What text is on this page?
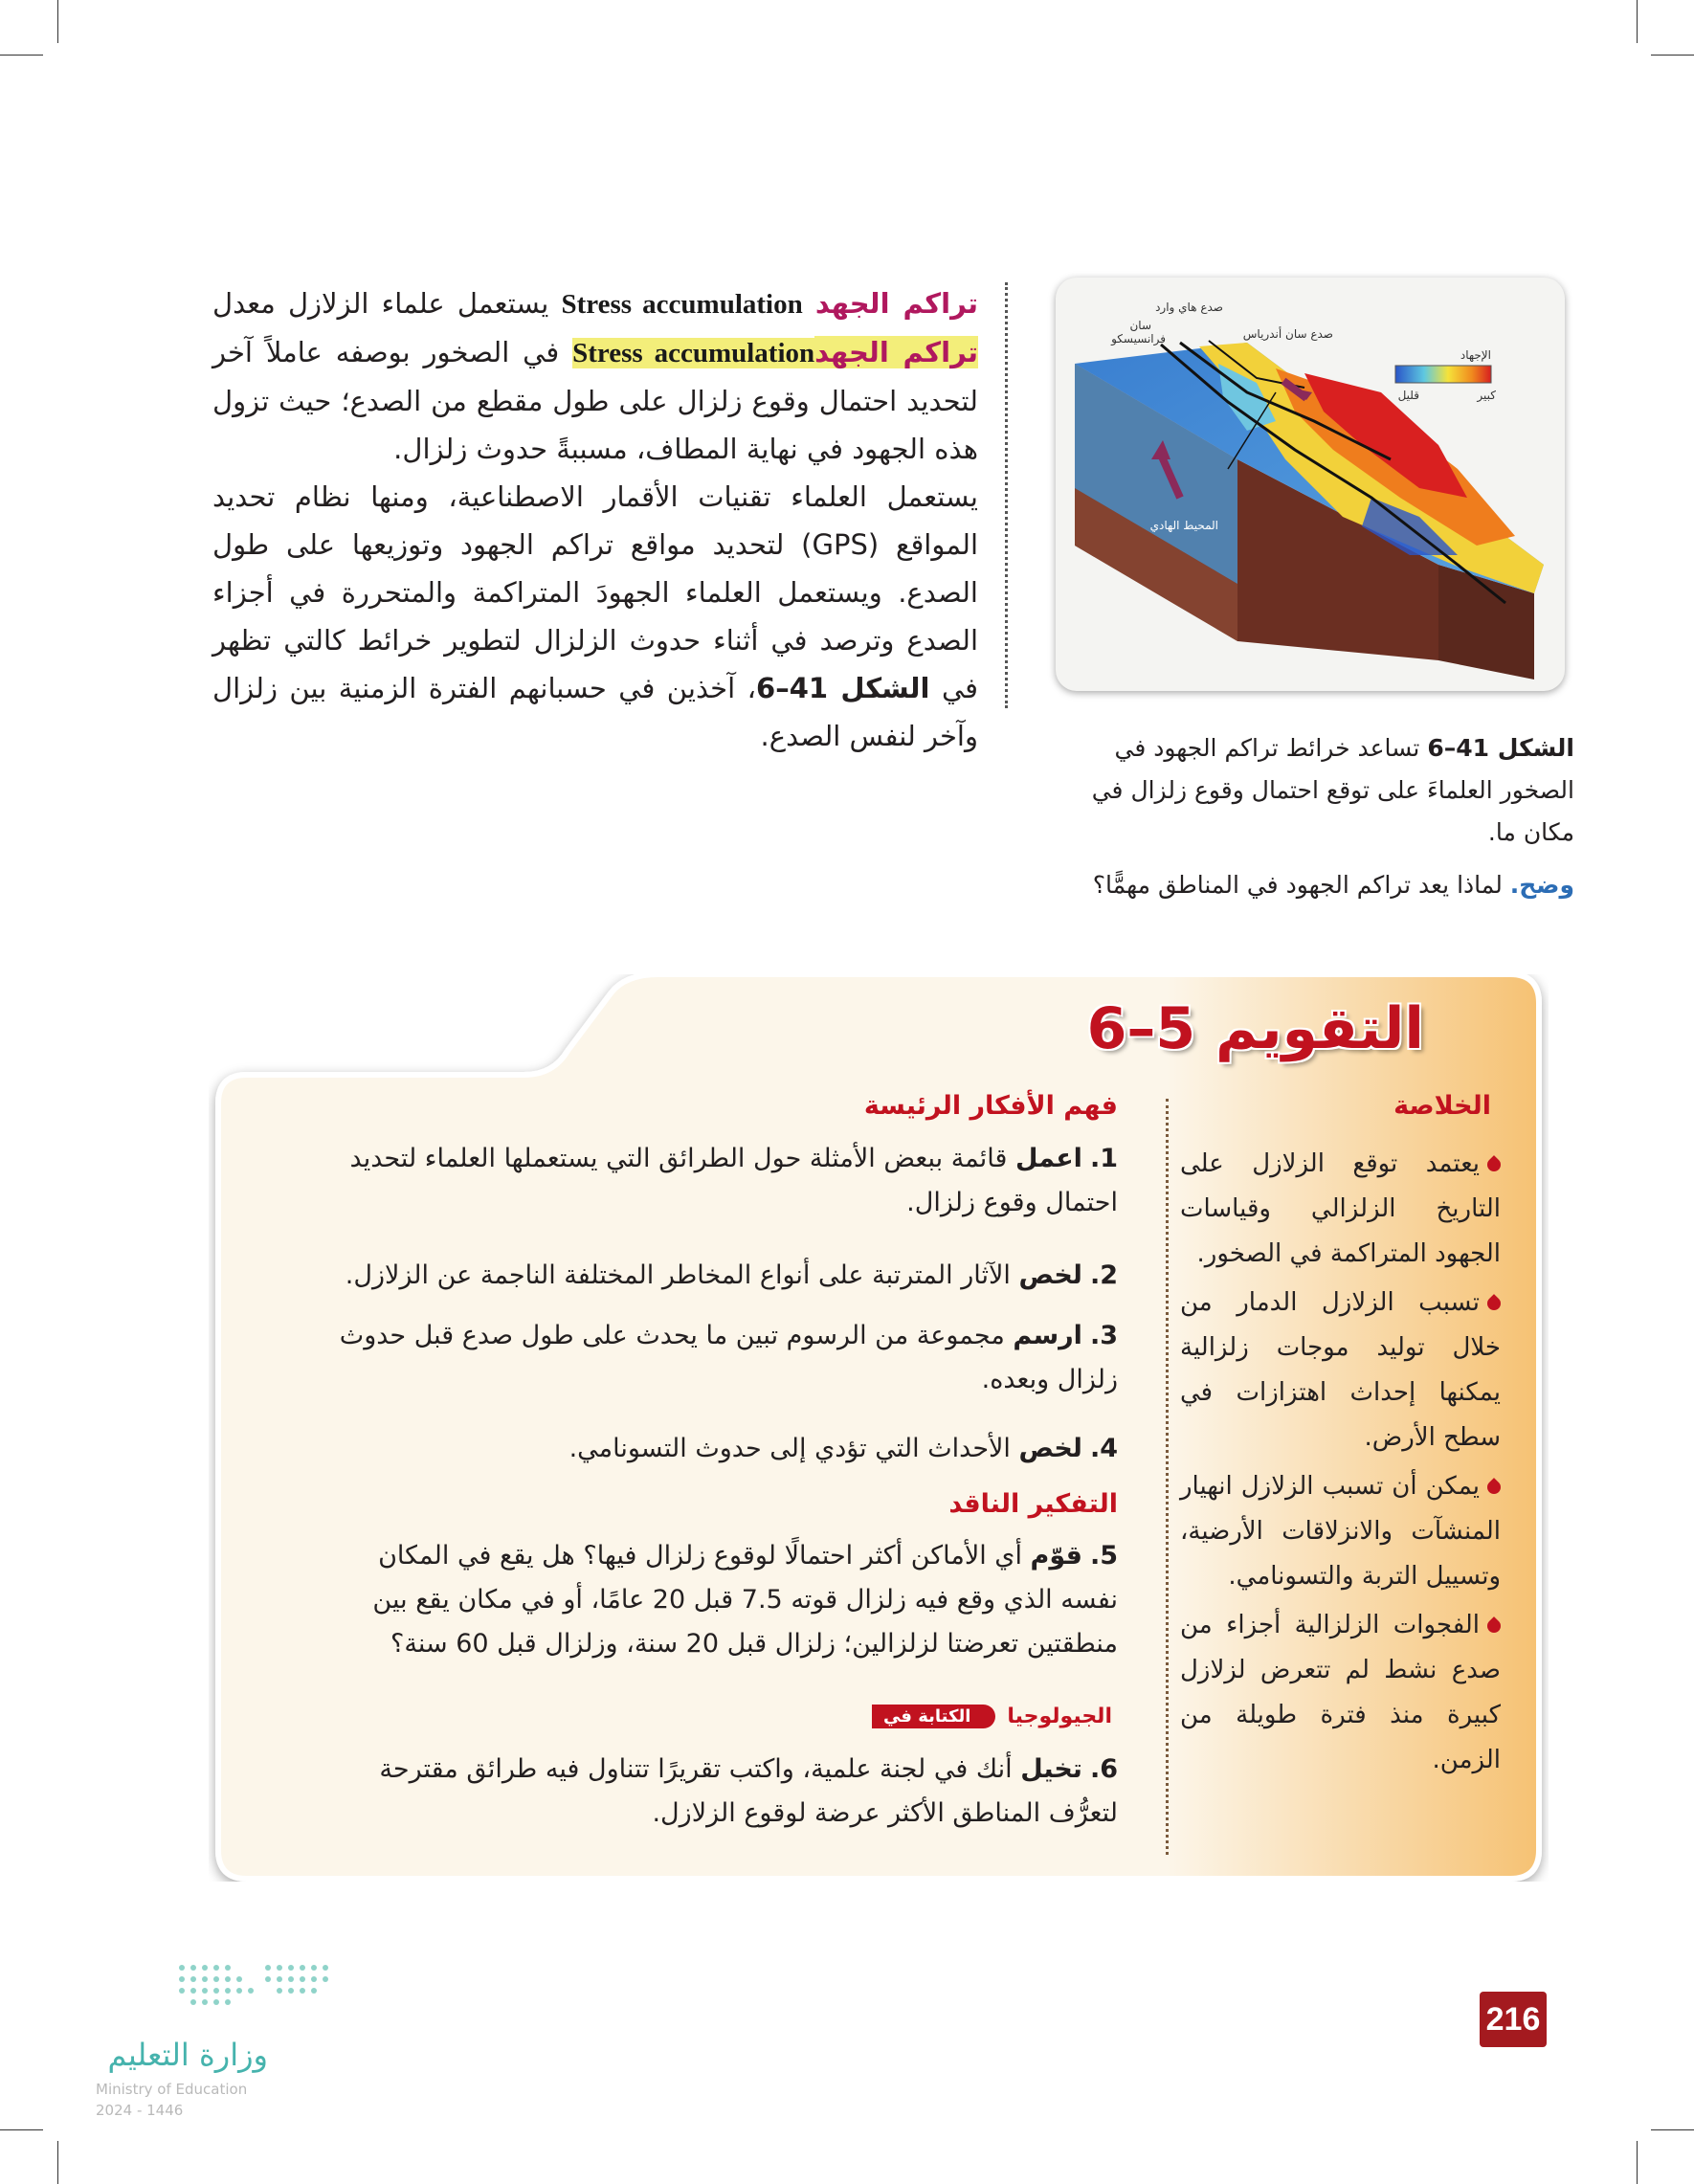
تراكم الجهد Stress accumulation يستعمل علماء الزلازل معدل تراكم الجهدStress accumulation في الصخور بوصفه عاملاً آخر لتحديد احتمال وقوع زلزال على طول مقطع من الصدع؛ حيث تزول هذه الجهود في نهاية المطاف، مسببةً حدوث زلزال.

يستعمل العلماء تقنيات الأقمار الاصطناعية، ومنها نظام تحديد المواقع (GPS) لتحديد مواقع تراكم الجهود وتوزيعها على طول الصدع. ويستعمل العلماء الجهودَ المتراكمة والمتحررة في أجزاء الصدع وترصد في أثناء حدوث الزلزال لتطوير خرائط كالتي تظهر في الشكل 41–6، آخذين في حسبانهم الفترة الزمنية بين زلزال وآخر لنفس الصدع.

الإجهاد
كبير
قليل
صدع هاي وارد
سان
فرانسيسكو	صدع سان أندرياس
المحيط الهادي
الشكل 41–6 تساعد خرائط تراكم الجهود في الصخور العلماءَ على توقع احتمال وقوع زلزال في مكان ما.
وضح. لماذا يعد تراكم الجهود في المناطق مهمًّا؟
التقويم 5–6
الخلاصة
يعتمد توقع الزلازل على التاريخ الزلزالي وقياسات الجهود المتراكمة في الصخور.
تسبب الزلازل الدمار من خلال توليد موجات زلزالية يمكنها إحداث اهتزازات في سطح الأرض.
يمكن أن تسبب الزلازل انهيار المنشآت والانزلاقات الأرضية، وتسييل التربة والتسونامي.
الفجوات الزلزالية أجزاء من صدع نشط لم تتعرض لزلازل كبيرة منذ فترة طويلة من الزمن.
فهم الأفكار الرئيسة
1.اعمل قائمة ببعض الأمثلة حول الطرائق التي يستعملها العلماء لتحديد احتمال وقوع زلزال.
2.لخص الآثار المترتبة على أنواع المخاطر المختلفة الناجمة عن الزلازل.
3.ارسم مجموعة من الرسوم تبين ما يحدث على طول صدع قبل حدوث زلزال وبعده.
4.لخص الأحداث التي تؤدي إلى حدوث التسونامي.
التفكير الناقد
5.قوّم أي الأماكن أكثر احتمالًا لوقوع زلزال فيها؟ هل يقع في المكان نفسه الذي وقع فيه زلزال قوته 7.5 قبل 20 عامًا، أو في مكان يقع بين منطقتين تعرضتا لزلزالين؛ زلزال قبل 20 سنة، وزلزال قبل 60 سنة؟
الجيولوجيا
الكتابة في
6.تخيل أنك في لجنة علمية، واكتب تقريرًا تتناول فيه طرائق مقترحة لتعرُّف المناطق الأكثر عرضة لوقوع الزلازل.
216
وزارة التعليم
Ministry of Education
2024 - 1446
